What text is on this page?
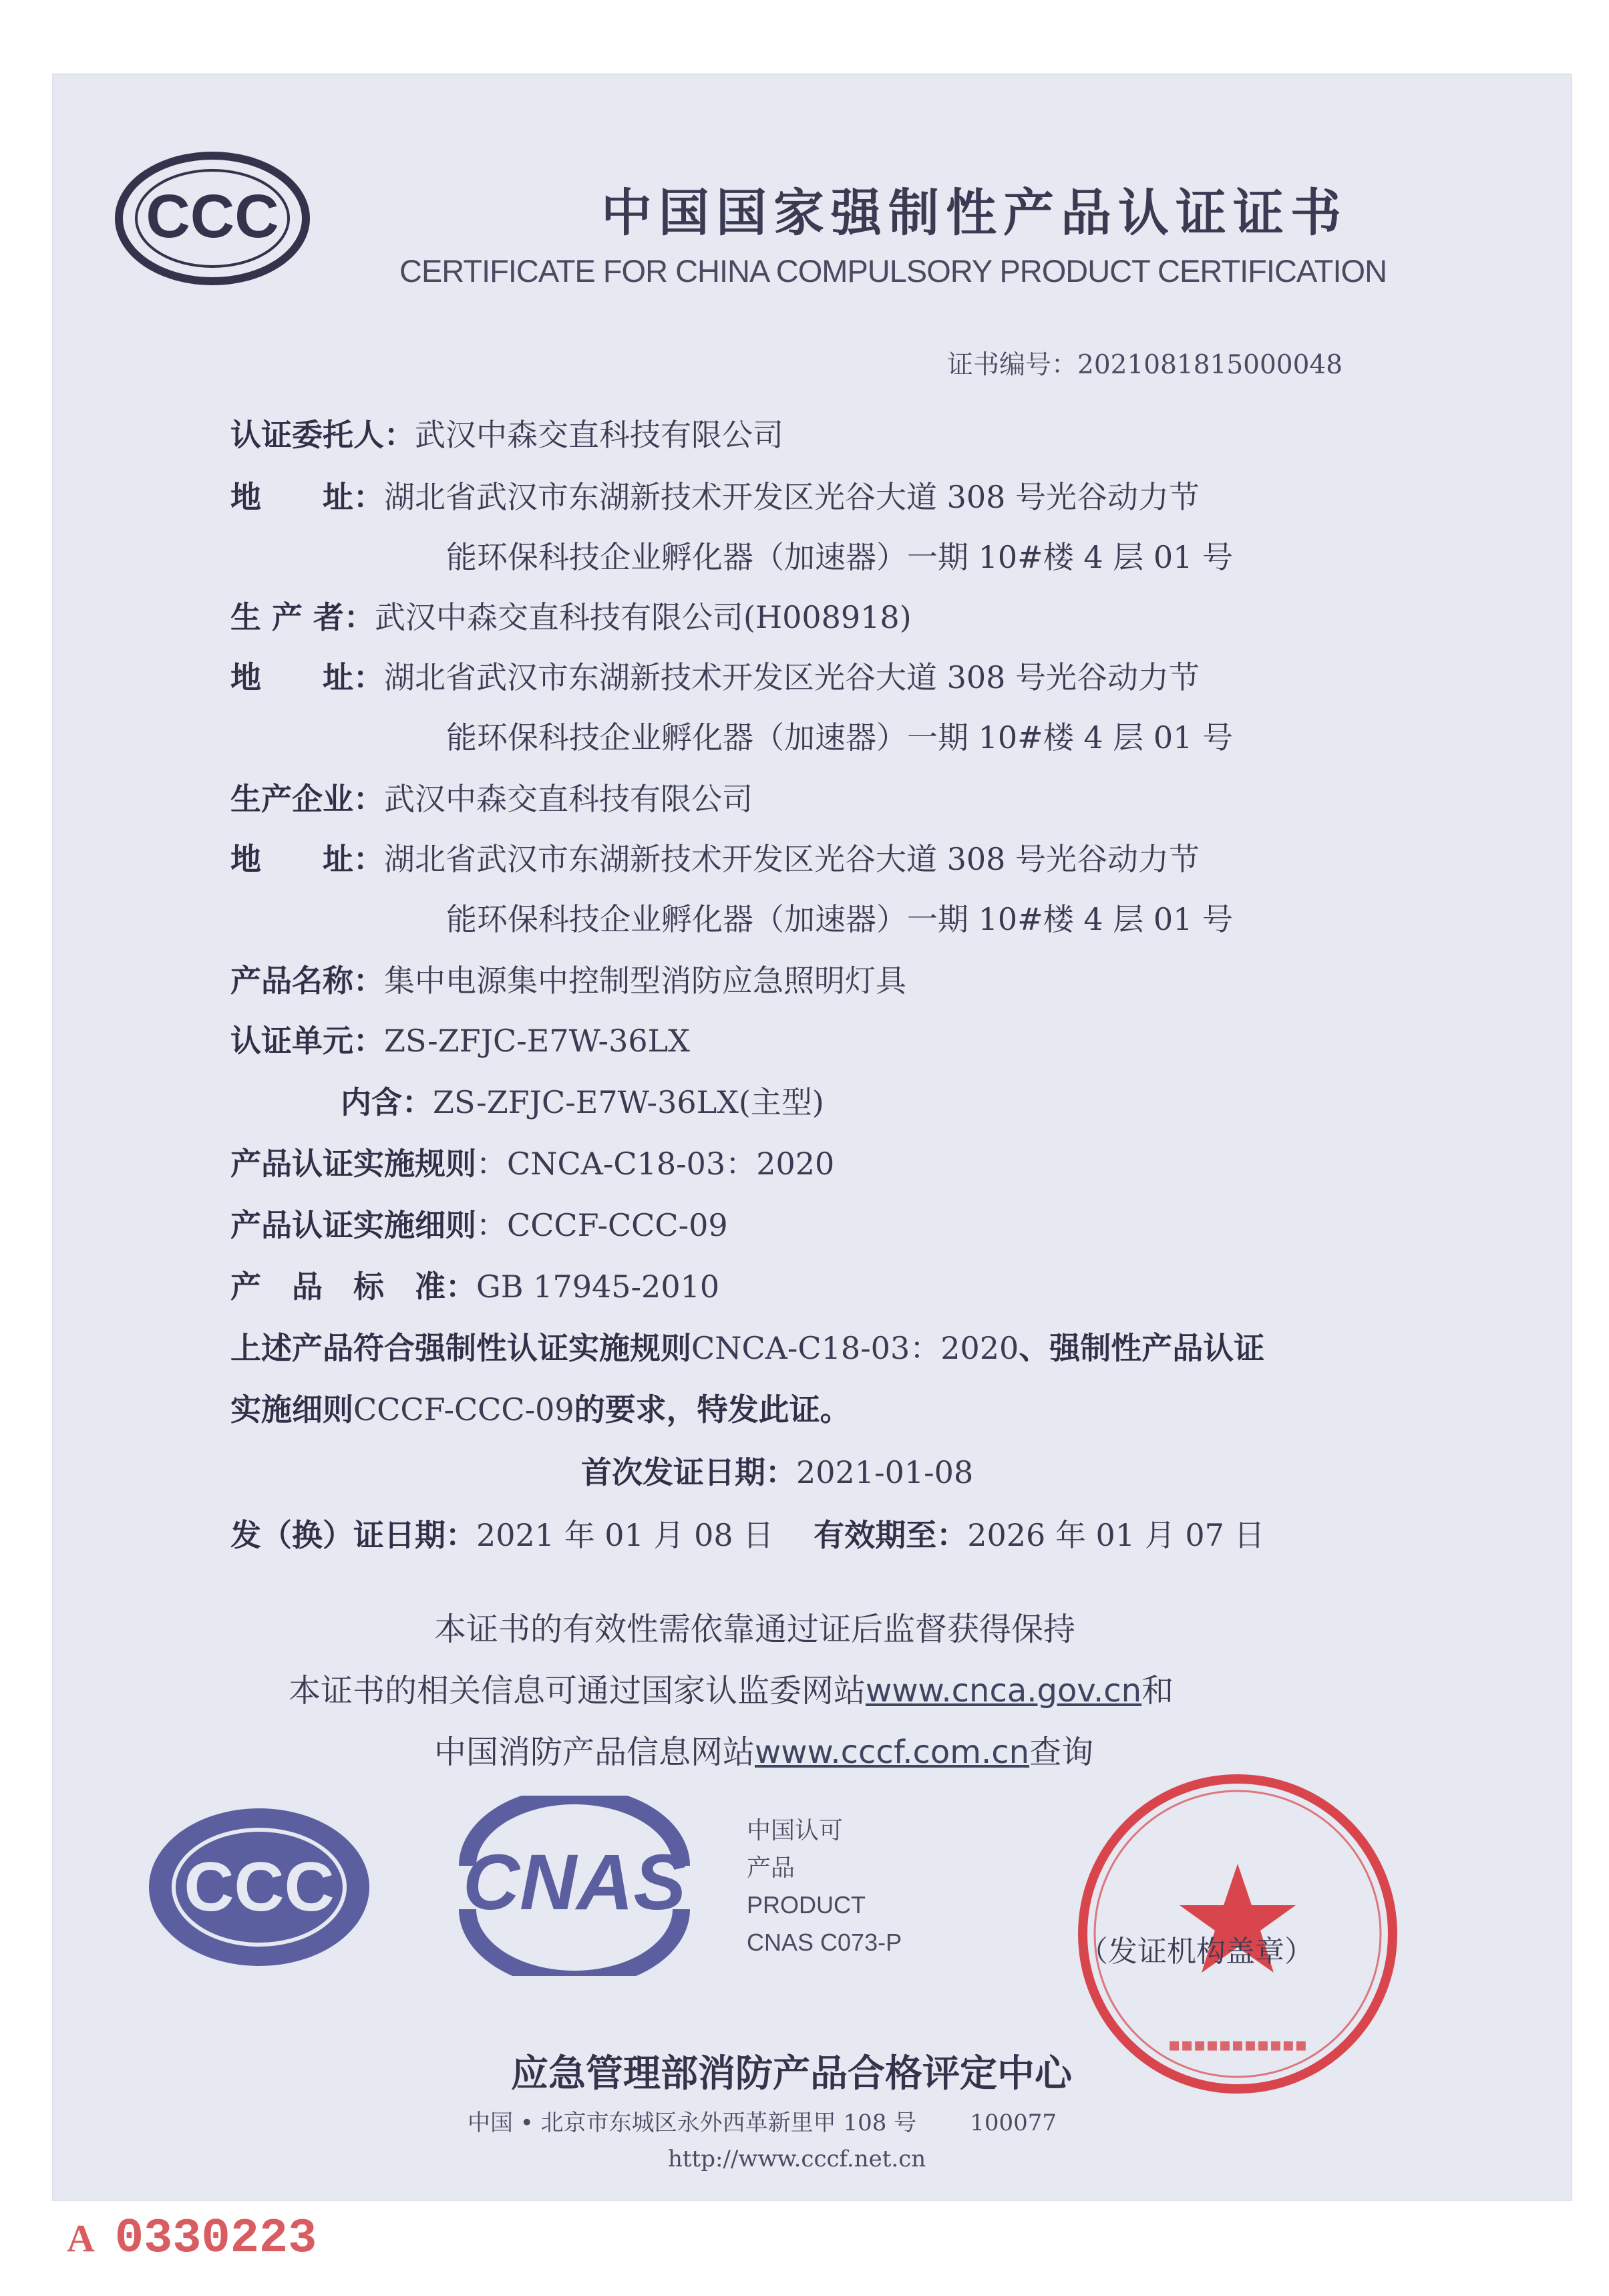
CCC	中国国家强制性产品认证证书
CERTIFICATE FOR CHINA COMPULSORY PRODUCT CERTIFICATION
证书编号：2021081815000048
认证委托人：武汉中森交直科技有限公司
地　　址：湖北省武汉市东湖新技术开发区光谷大道 308 号光谷动力节
能环保科技企业孵化器（加速器）一期 10#楼 4 层 01 号
生 产 者：武汉中森交直科技有限公司(H008918)
地　　址：湖北省武汉市东湖新技术开发区光谷大道 308 号光谷动力节
能环保科技企业孵化器（加速器）一期 10#楼 4 层 01 号
生产企业：武汉中森交直科技有限公司
地　　址：湖北省武汉市东湖新技术开发区光谷大道 308 号光谷动力节
能环保科技企业孵化器（加速器）一期 10#楼 4 层 01 号
产品名称：集中电源集中控制型消防应急照明灯具
认证单元：ZS-ZFJC-E7W-36LX
内含：ZS-ZFJC-E7W-36LX(主型)
产品认证实施规则：CNCA-C18-03：2020
产品认证实施细则：CCCF-CCC-09
产　品　标　准：GB 17945-2010
上述产品符合强制性认证实施规则CNCA-C18-03：2020、强制性产品认证
实施细则CCCF-CCC-09的要求，特发此证。
首次发证日期：2021-01-08
发（换）证日期：2021 年 01 月 08 日 有效期至：2026 年 01 月 07 日
本证书的有效性需依靠通过证后监督获得保持
本证书的相关信息可通过国家认监委网站www.cnca.gov.cn和
中国消防产品信息网站www.cccf.com.cn查询
CCC CNAS
中国认可
产品
PRODUCT
CNAS C073-P
▪▪▪▪▪▪▪▪▪▪▪
（发证机构盖章）
应急管理部消防产品合格评定中心
中国 • 北京市东城区永外西革新里甲 108 号 100077
http://www.cccf.net.cn
A 0330223
